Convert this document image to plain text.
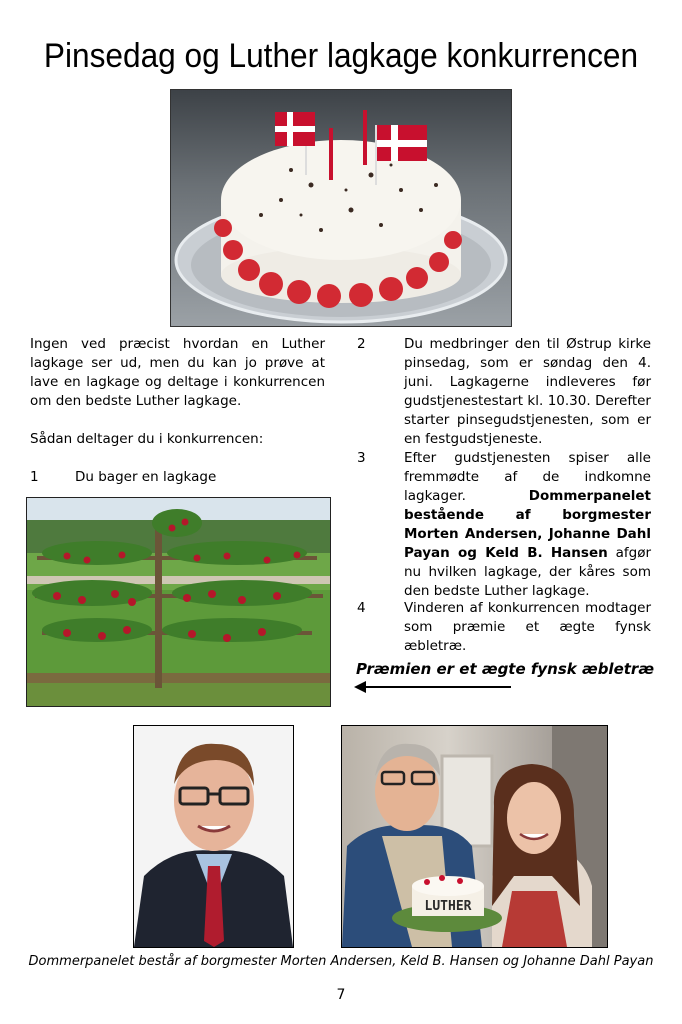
Pinsedag og Luther lagkage konkurrencen
Ingen ved præcist hvordan en Luther lagkage ser ud, men du kan jo prøve at lave en lagkage og deltage i konkurrencen om den bedste Luther lagkage.
Sådan deltager du i konkurrencen:
1	Du bager en lagkage
2	Du medbringer den til Østrup kirke pinsedag, som er søndag den 4. juni. Lagkagerne indleveres før gudstjenestestart kl. 10.30. Derefter starter pinsegudstjenesten, som er en festgudstjeneste.
3	Efter gudstjenesten spiser alle fremmødte af de indkomne lagkager.	Dommerpanelet bestående af borgmester Morten Andersen, Johanne Dahl Payan og Keld B. Hansen afgør nu hvilken lagkage, der kåres som den bedste Luther lagkage.
4	Vinderen af konkurrencen modtager som præmie et ægte fynsk æbletræ.
Præmien er et ægte fynsk æbletræ
LUTHER
Dommerpanelet består af borgmester Morten Andersen, Keld B. Hansen og Johanne Dahl Payan
7
